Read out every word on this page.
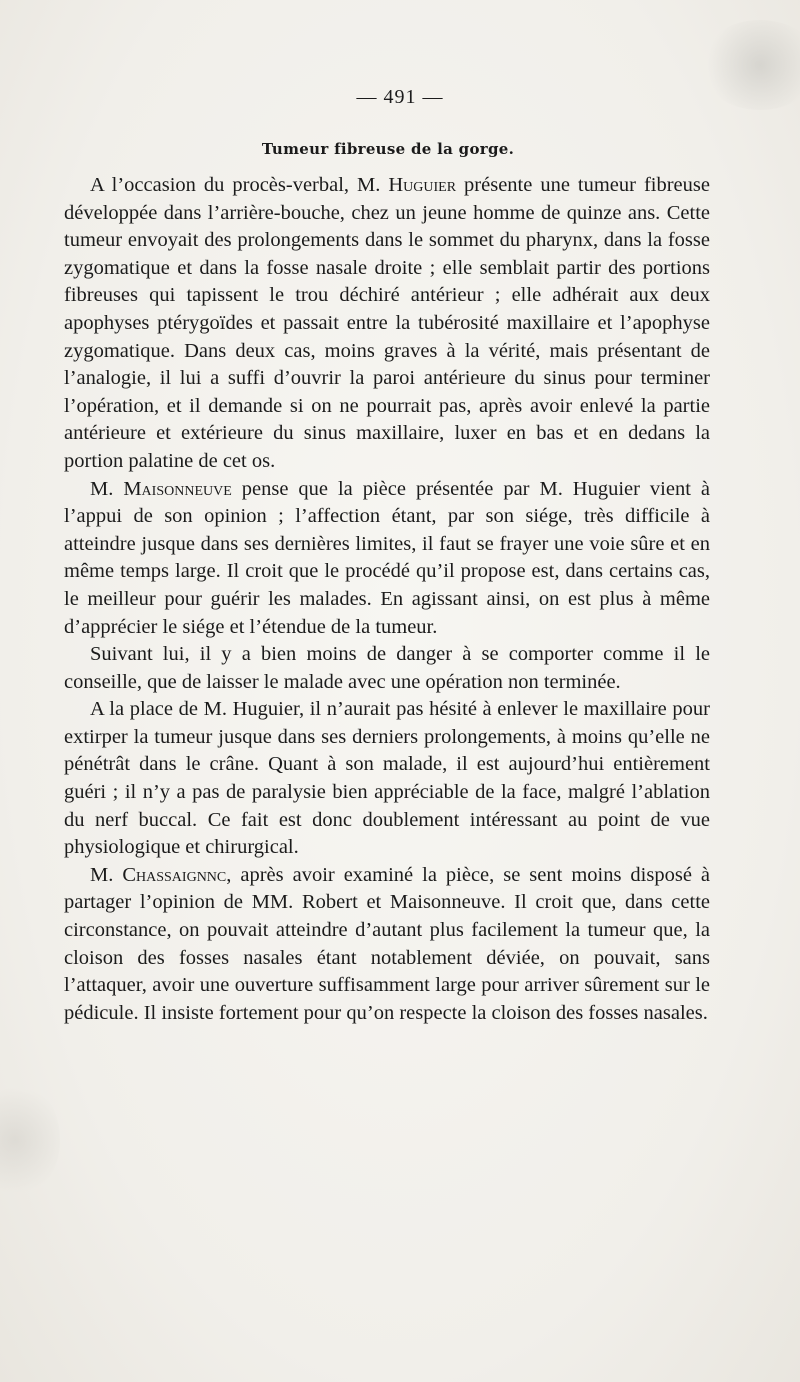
— 491 —
Tumeur fibreuse de la gorge.

A l’occasion du procès-verbal, M. Huguier présente une tumeur fibreuse développée dans l’arrière-bouche, chez un jeune homme de quinze ans. Cette tumeur envoyait des prolongements dans le sommet du pharynx, dans la fosse zygomatique et dans la fosse nasale droite ; elle semblait partir des portions fibreuses qui tapissent le trou déchiré antérieur ; elle adhérait aux deux apophyses ptérygoïdes et passait entre la tubérosité maxillaire et l’apophyse zygomatique. Dans deux cas, moins graves à la vérité, mais présentant de l’analogie, il lui a suffi d’ouvrir la paroi antérieure du sinus pour terminer l’opération, et il demande si on ne pourrait pas, après avoir enlevé la partie antérieure et extérieure du sinus maxillaire, luxer en bas et en dedans la portion palatine de cet os.

M. Maisonneuve pense que la pièce présentée par M. Huguier vient à l’appui de son opinion ; l’affection étant, par son siége, très difficile à atteindre jusque dans ses dernières limites, il faut se frayer une voie sûre et en même temps large. Il croit que le procédé qu’il propose est, dans certains cas, le meilleur pour guérir les malades. En agissant ainsi, on est plus à même d’apprécier le siége et l’étendue de la tumeur.

Suivant lui, il y a bien moins de danger à se comporter comme il le conseille, que de laisser le malade avec une opération non terminée.

A la place de M. Huguier, il n’aurait pas hésité à enlever le maxillaire pour extirper la tumeur jusque dans ses derniers prolongements, à moins qu’elle ne pénétrât dans le crâne. Quant à son malade, il est aujourd’hui entièrement guéri ; il n’y a pas de paralysie bien appréciable de la face, malgré l’ablation du nerf buccal. Ce fait est donc doublement intéressant au point de vue physiologique et chirurgical.

M. Chassaignnc, après avoir examiné la pièce, se sent moins disposé à partager l’opinion de MM. Robert et Maisonneuve. Il croit que, dans cette circonstance, on pouvait atteindre d’autant plus facilement la tumeur que, la cloison des fosses nasales étant notablement déviée, on pouvait, sans l’attaquer, avoir une ouverture suffisamment large pour arriver sûrement sur le pédicule. Il insiste fortement pour qu’on respecte la cloison des fosses nasales.
